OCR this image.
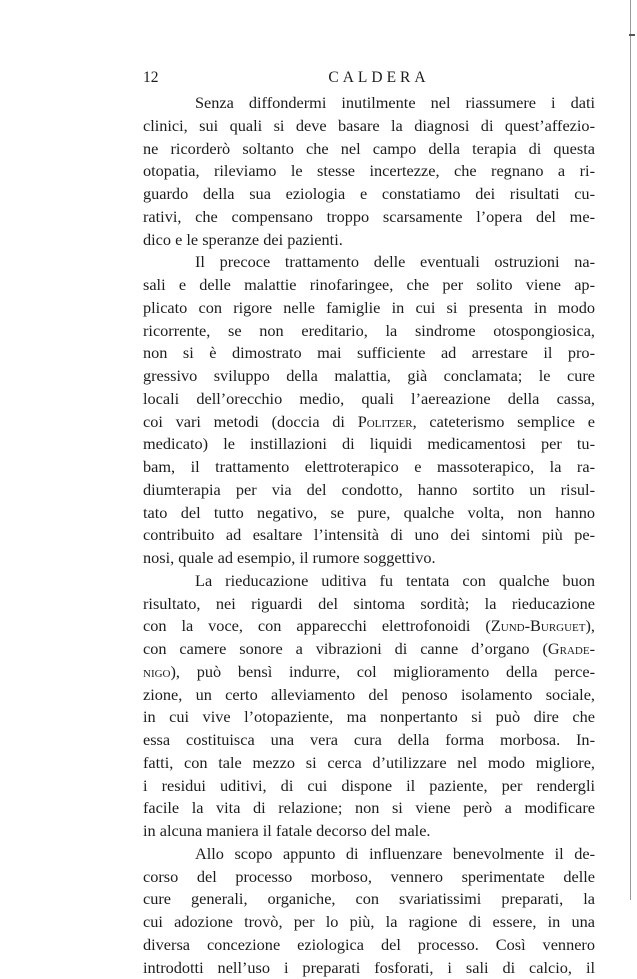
12	CALDERA
Senza diffondermi inutilmente nel riassumere i dati
clinici, sui quali si deve basare la diagnosi di quest’affezio-
ne ricorderò soltanto che nel campo della terapia di questa
otopatia, rileviamo le stesse incertezze, che regnano a ri-
guardo della sua eziologia e constatiamo dei risultati cu-
rativi, che compensano troppo scarsamente l’opera del me-
dico e le speranze dei pazienti.
Il precoce trattamento delle eventuali ostruzioni na-
sali e delle malattie rinofaringee, che per solito viene ap-
plicato con rigore nelle famiglie in cui si presenta in modo
ricorrente, se non ereditario, la sindrome otospongiosica,
non si è dimostrato mai sufficiente ad arrestare il pro-
gressivo sviluppo della malattia, già conclamata; le cure
locali dell’orecchio medio, quali l’aereazione della cassa,
coi vari metodi (doccia di Politzer, cateterismo semplice e
medicato) le instillazioni di liquidi medicamentosi per tu-
bam, il trattamento elettroterapico e massoterapico, la ra-
diumterapia per via del condotto, hanno sortito un risul-
tato del tutto negativo, se pure, qualche volta, non hanno
contribuito ad esaltare l’intensità di uno dei sintomi più pe-
nosi, quale ad esempio, il rumore soggettivo.
La rieducazione uditiva fu tentata con qualche buon
risultato, nei riguardi del sintoma sordità; la rieducazione
con la voce, con apparecchi elettrofonoidi (Zund-Burguet),
con camere sonore a vibrazioni di canne d’organo (Grade-
nigo), può bensì indurre, col miglioramento della perce-
zione, un certo alleviamento del penoso isolamento sociale,
in cui vive l’otopaziente, ma nonpertanto si può dire che
essa costituisca una vera cura della forma morbosa. In-
fatti, con tale mezzo si cerca d’utilizzare nel modo migliore,
i residui uditivi, di cui dispone il paziente, per rendergli
facile la vita di relazione; non si viene però a modificare
in alcuna maniera il fatale decorso del male.
Allo scopo appunto di influenzare benevolmente il de-
corso del processo morboso, vennero sperimentate delle
cure generali, organiche, con svariatissimi preparati, la
cui adozione trovò, per lo più, la ragione di essere, in una
diversa concezione eziologica del processo. Così vennero
introdotti nell’uso i preparati fosforati, i sali di calcio, il
